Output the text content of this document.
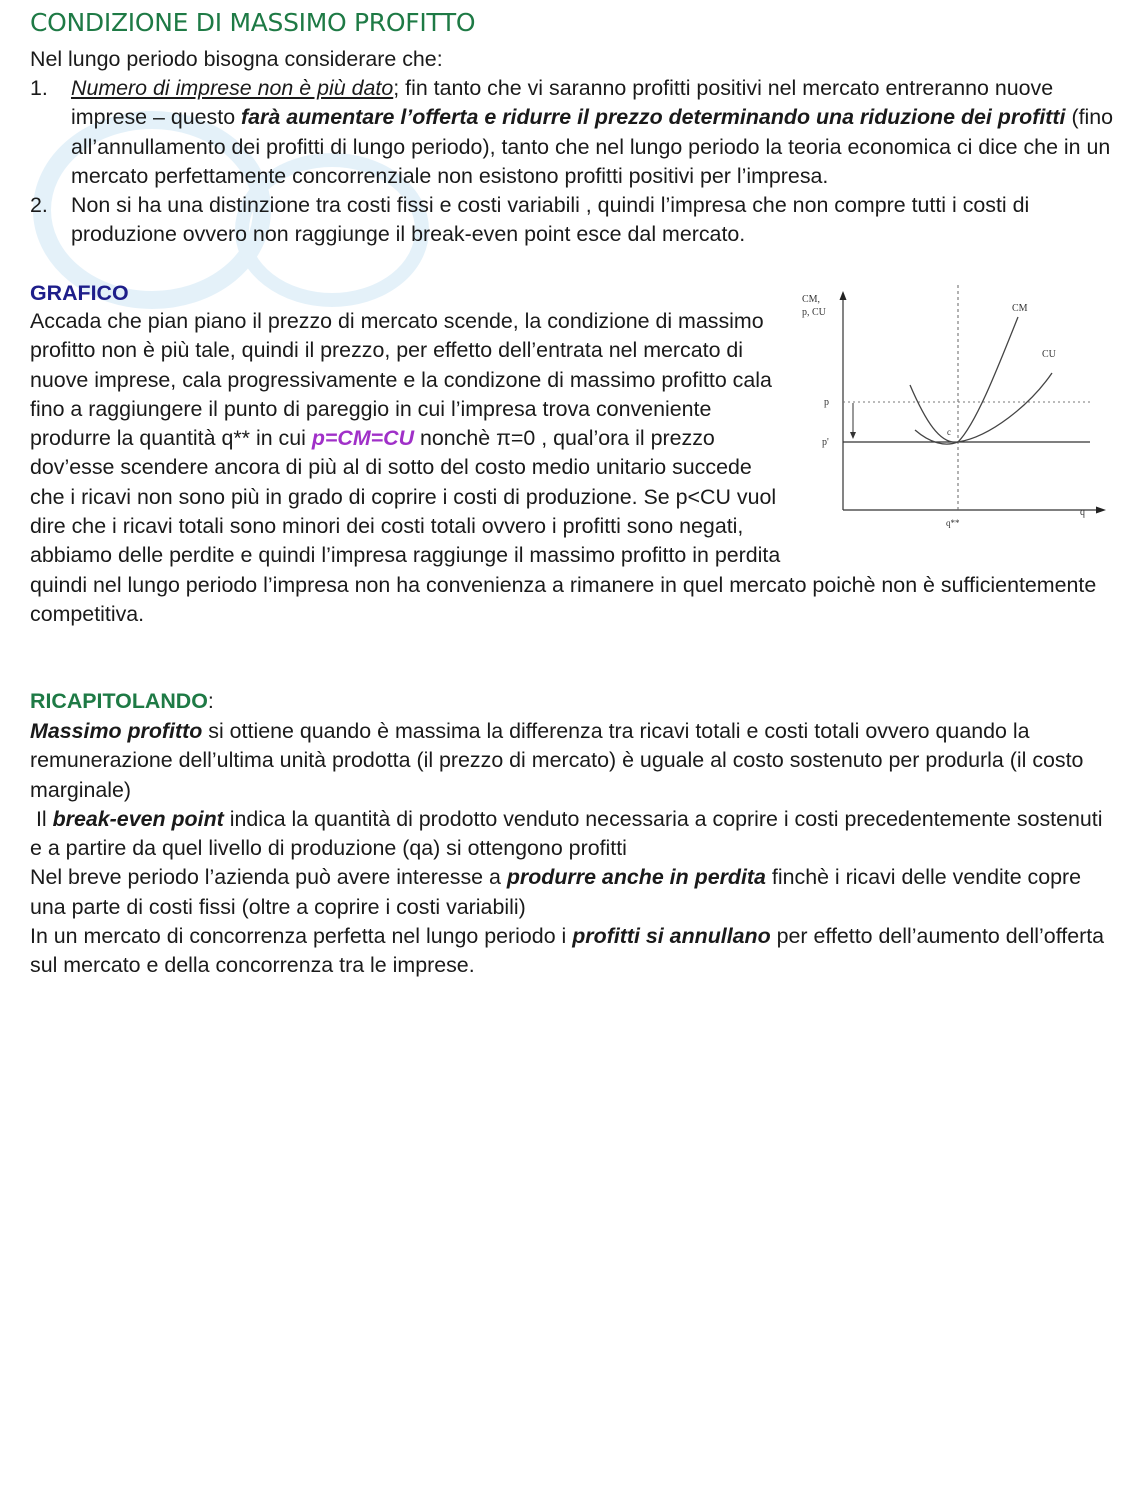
CONDIZIONE DI MASSIMO PROFITTO
Nel lungo periodo bisogna considerare che:
1. Numero di imprese non è più dato; fin tanto che vi saranno profitti positivi nel mercato entreranno nuove imprese – questo farà aumentare l’offerta e ridurre il prezzo determinando una riduzione dei profitti (fino all’annullamento dei profitti di lungo periodo), tanto che nel lungo periodo la teoria economica ci dice che in un mercato perfettamente concorrenziale non esistono profitti positivi per l’impresa.
2. Non si ha una distinzione tra costi fissi e costi variabili , quindi l’impresa che non compre tutti i costi di produzione ovvero non raggiunge il break-even point esce dal mercato.
GRAFICO	CM,
p, CU	CM
CU
p
p'
c
q**
q
Accada che pian piano il prezzo di mercato scende, la condizione di massimo profitto non è più tale, quindi il prezzo, per effetto dell’entrata nel mercato di nuove imprese, cala progressivamente e la condizone di massimo profitto cala fino a raggiungere il punto di pareggio in cui l’impresa trova conveniente produrre la quantità q** in cui p=CM=CU nonchè π=0 , qual’ora il prezzo dov’esse scendere ancora di più al di sotto del costo medio unitario succede che i ricavi non sono più in grado di coprire i costi di produzione. Se p<CU vuol dire che i ricavi totali sono minori dei costi totali ovvero i profitti sono negati, abbiamo delle perdite e quindi l’impresa raggiunge il massimo profitto in perdita quindi nel lungo periodo l’impresa non ha convenienza a rimanere in quel mercato poichè non è sufficientemente competitiva.
RICAPITOLANDO:
Massimo profitto si ottiene quando è massima la differenza tra ricavi totali e costi totali ovvero quando la remunerazione dell’ultima unità prodotta (il prezzo di mercato) è uguale al costo sostenuto per produrla (il costo marginale)
Il break-even point indica la quantità di prodotto venduto necessaria a coprire i costi precedentemente sostenuti e a partire da quel livello di produzione (qa) si ottengono profitti
Nel breve periodo l’azienda può avere interesse a produrre anche in perdita finchè i ricavi delle vendite copre una parte di costi fissi (oltre a coprire i costi variabili)
In un mercato di concorrenza perfetta nel lungo periodo i profitti si annullano per effetto dell’aumento dell’offerta sul mercato e della concorrenza tra le imprese.
